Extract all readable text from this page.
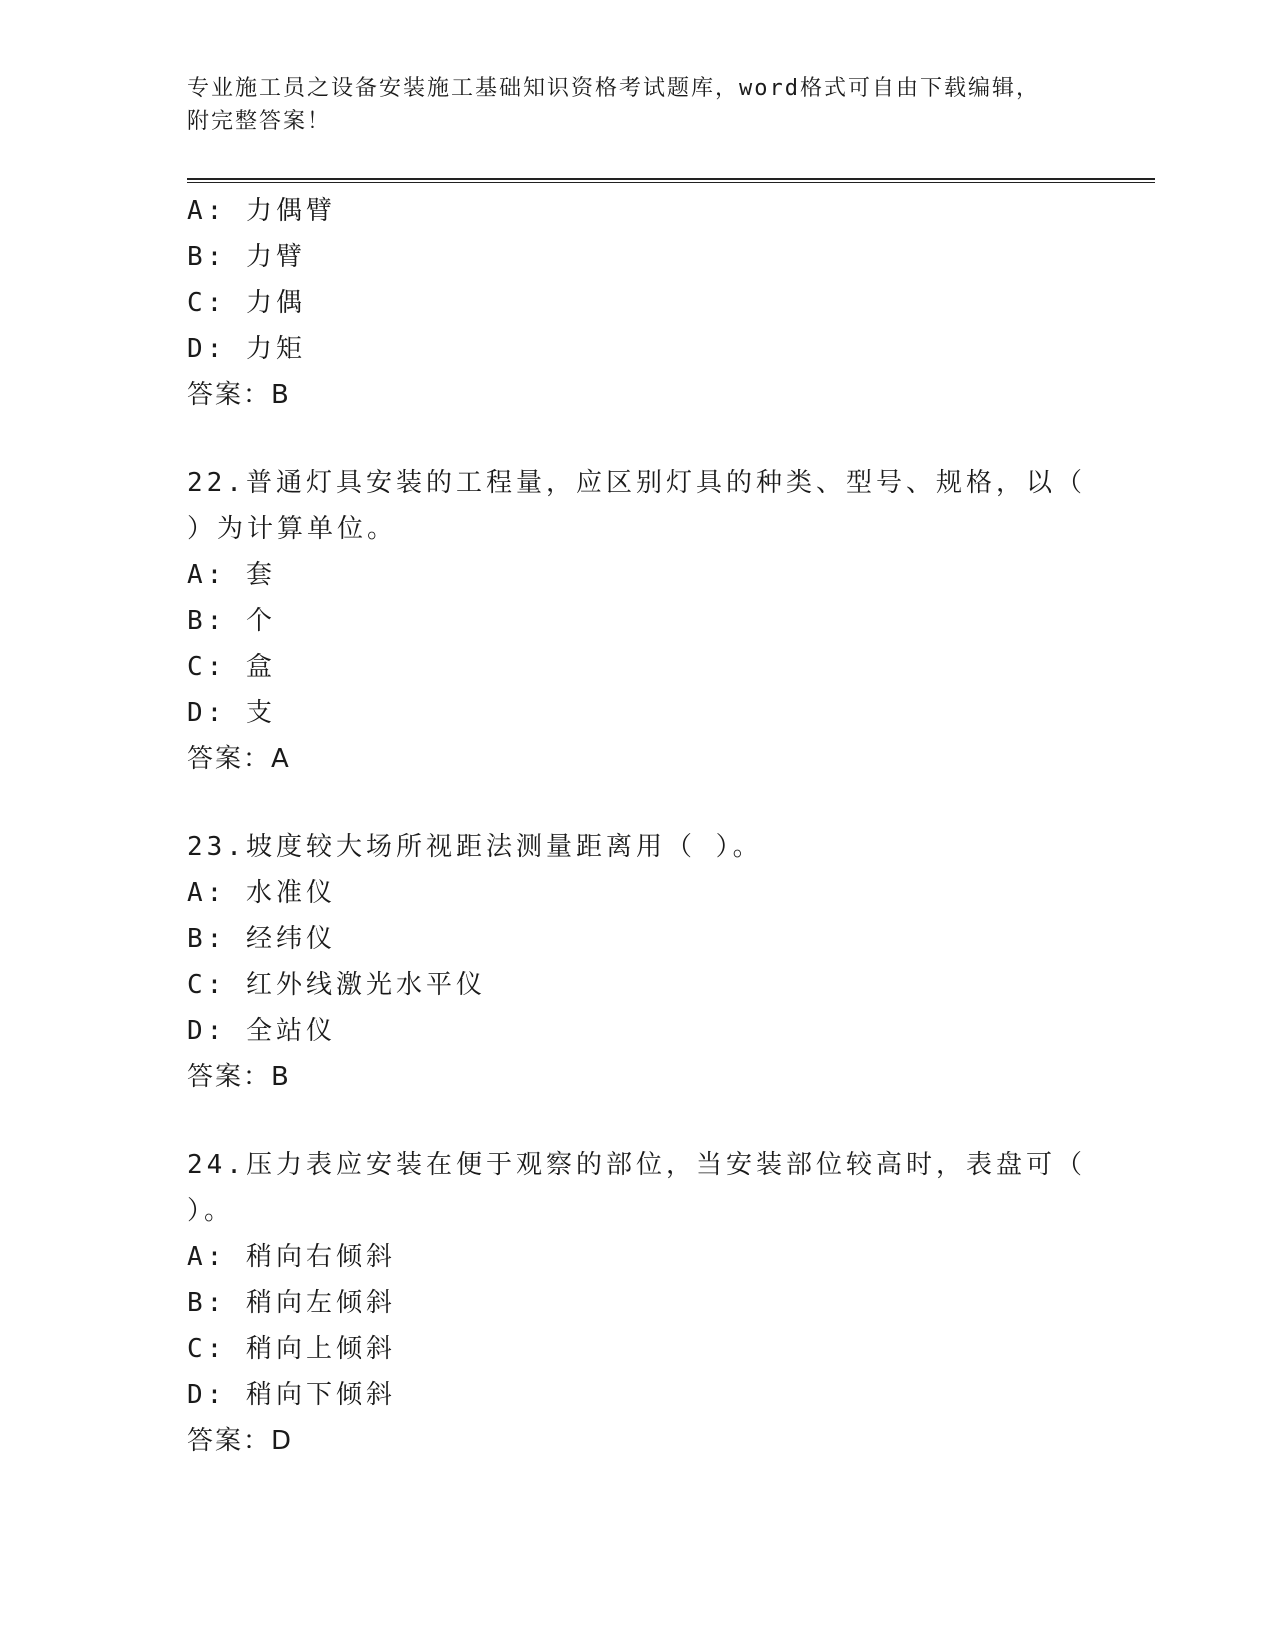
专业施工员之设备安装施工基础知识资格考试题库，word格式可自由下载编辑，
附完整答案！
A: 力偶臂
B: 力臂
C: 力偶
D: 力矩
答案：B
22.普通灯具安装的工程量，应区别灯具的种类、型号、规格，以（
）为计算单位。
A: 套
B: 个
C: 盒
D: 支
答案：A
23.坡度较大场所视距法测量距离用（ ）。
A: 水准仪
B: 经纬仪
C: 红外线激光水平仪
D: 全站仪
答案：B
24.压力表应安装在便于观察的部位，当安装部位较高时，表盘可（
）。
A: 稍向右倾斜
B: 稍向左倾斜
C: 稍向上倾斜
D: 稍向下倾斜
答案：D
